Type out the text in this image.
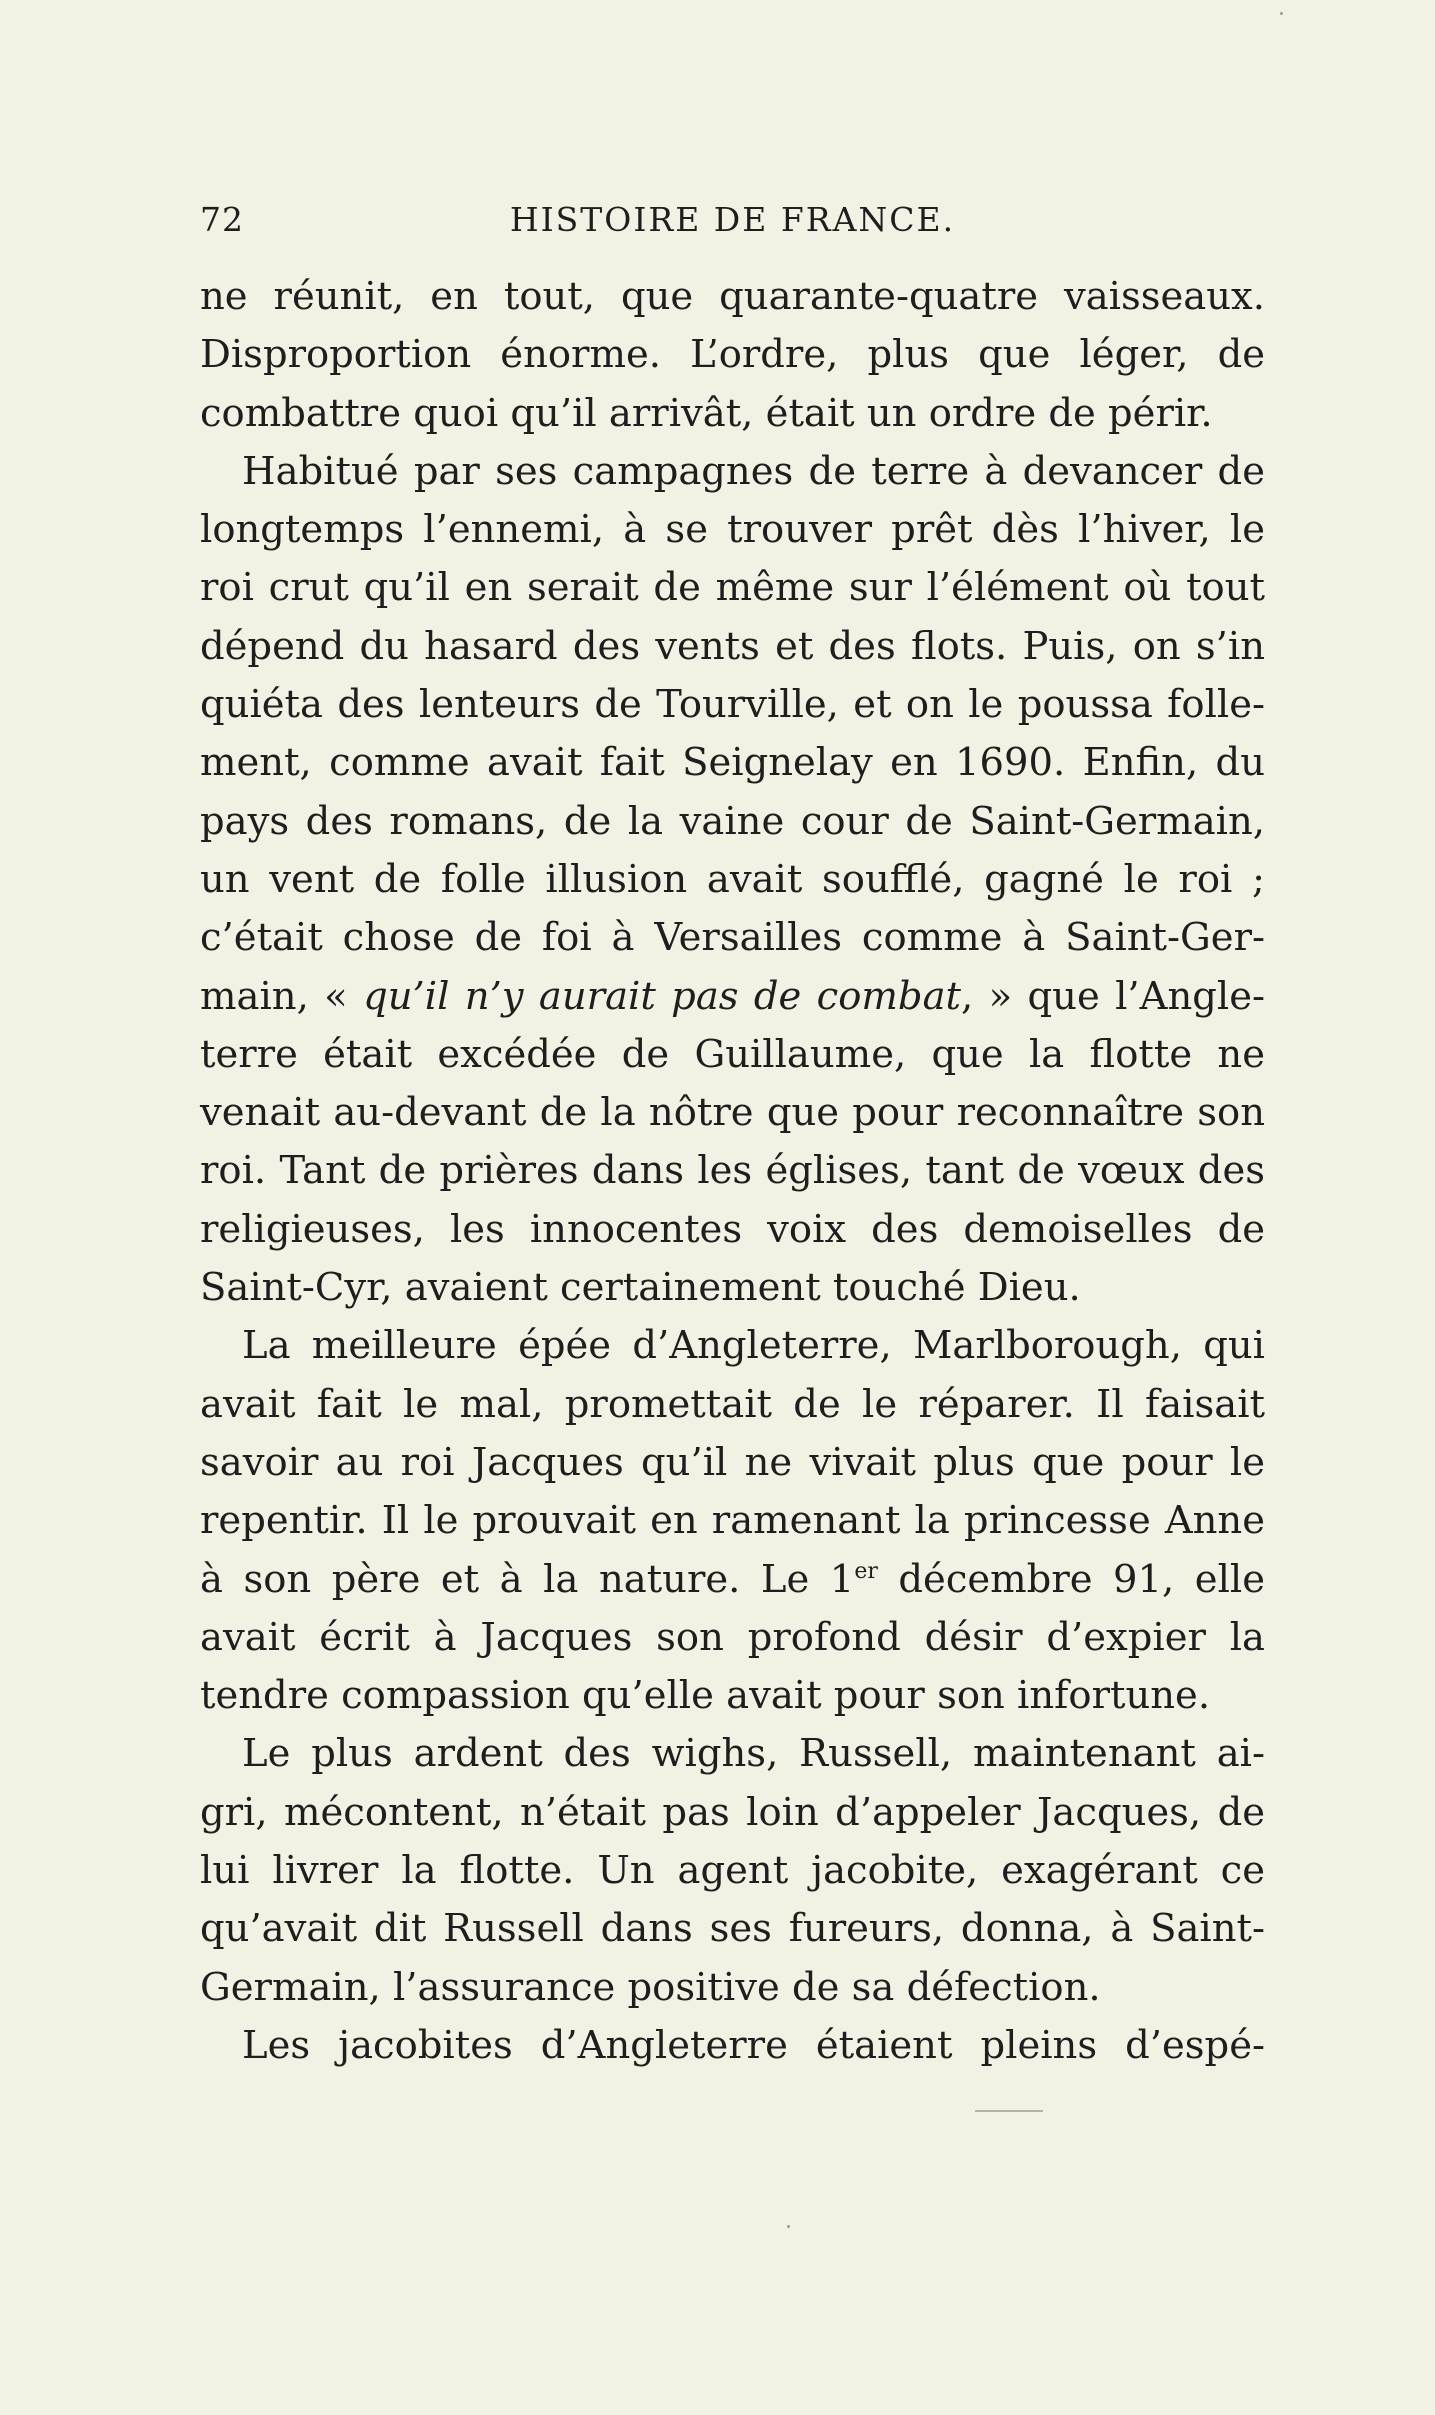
72	HISTOIRE DE FRANCE.
ne réunit, en tout, que quarante-quatre vaisseaux.
Disproportion énorme. L’ordre, plus que léger, de
combattre quoi qu’il arrivât, était un ordre de périr.
Habitué par ses campagnes de terre à devancer de
longtemps l’ennemi, à se trouver prêt dès l’hiver, le
roi crut qu’il en serait de même sur l’élément où tout
dépend du hasard des vents et des flots. Puis, on s’in
quiéta des lenteurs de Tourville, et on le poussa folle-
ment, comme avait fait Seignelay en 1690. Enfin, du
pays des romans, de la vaine cour de Saint-Germain,
un vent de folle illusion avait soufflé, gagné le roi ;
c’était chose de foi à Versailles comme à Saint-Ger-
main, « qu’il n’y aurait pas de combat, » que l’Angle-
terre était excédée de Guillaume, que la flotte ne
venait au-devant de la nôtre que pour reconnaître son
roi. Tant de prières dans les églises, tant de vœux des
religieuses, les innocentes voix des demoiselles de
Saint-Cyr, avaient certainement touché Dieu.
La meilleure épée d’Angleterre, Marlborough, qui
avait fait le mal, promettait de le réparer. Il faisait
savoir au roi Jacques qu’il ne vivait plus que pour le
repentir. Il le prouvait en ramenant la princesse Anne
à son père et à la nature. Le 1er décembre 91, elle
avait écrit à Jacques son profond désir d’expier la
tendre compassion qu’elle avait pour son infortune.
Le plus ardent des wighs, Russell, maintenant ai-
gri, mécontent, n’était pas loin d’appeler Jacques, de
lui livrer la flotte. Un agent jacobite, exagérant ce
qu’avait dit Russell dans ses fureurs, donna, à Saint-
Germain, l’assurance positive de sa défection.
Les jacobites d’Angleterre étaient pleins d’espé-
